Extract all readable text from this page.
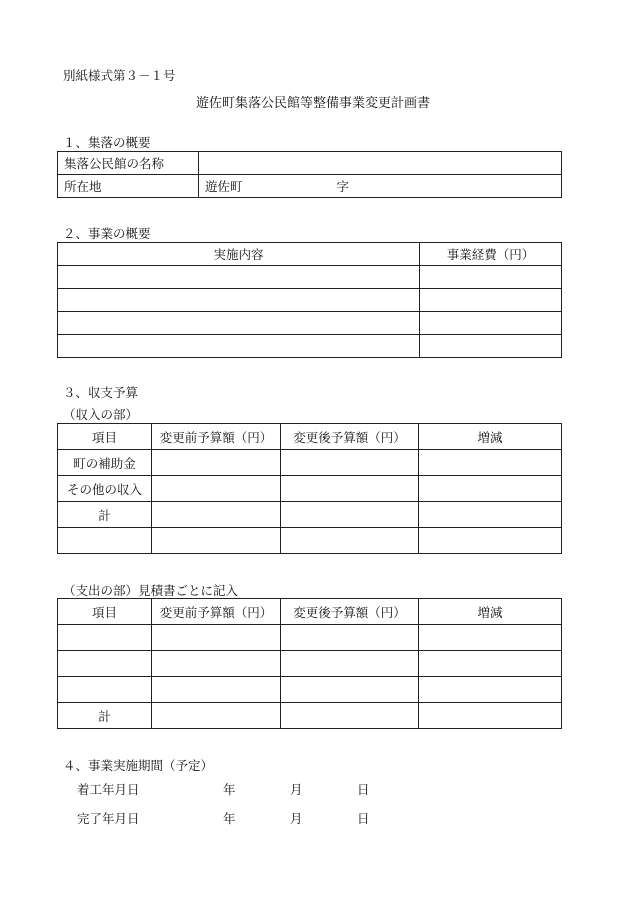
別紙様式第３－１号
遊佐町集落公民館等整備事業変更計画書
１、集落の概要
集落公民館の名称	
所在地	遊佐町 字
２、事業の概要
実施内容	事業経費（円）

３、収支予算
（収入の部）
項目	変更前予算額（円）	変更後予算額（円）	増減
町の補助金			
その他の収入			
計			

（支出の部）見積書ごとに記入
項目	変更前予算額（円）	変更後予算額（円）	増減

計			
４、事業実施期間（予定）
着工年月日	年	月	日
完了年月日	年	月	日
